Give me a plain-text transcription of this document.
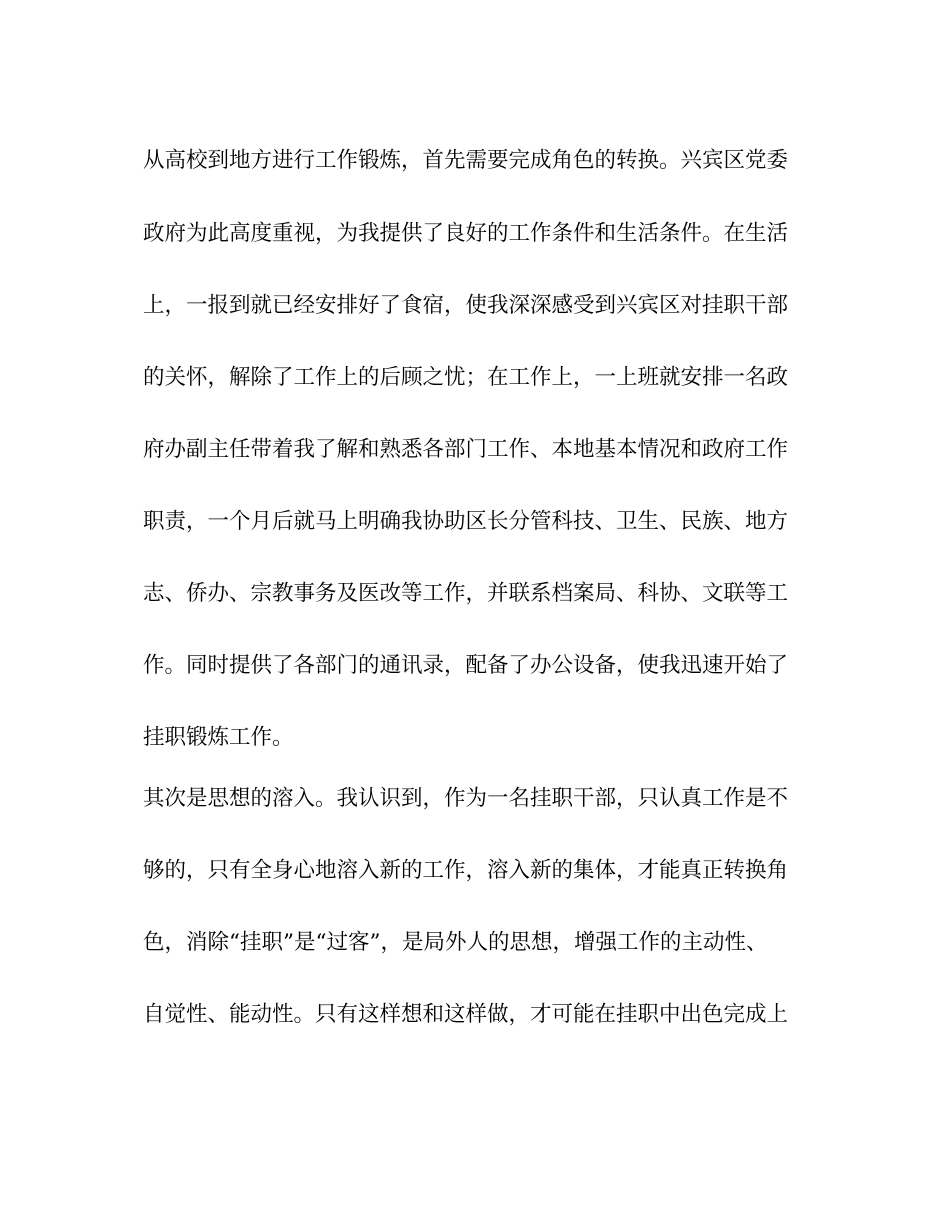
从高校到地方进行工作锻炼，首先需要完成角色的转换。兴宾区党委
政府为此高度重视，为我提供了良好的工作条件和生活条件。在生活
上，一报到就已经安排好了食宿，使我深深感受到兴宾区对挂职干部
的关怀，解除了工作上的后顾之忧；在工作上，一上班就安排一名政
府办副主任带着我了解和熟悉各部门工作、本地基本情况和政府工作
职责，一个月后就马上明确我协助区长分管科技、卫生、民族、地方
志、侨办、宗教事务及医改等工作，并联系档案局、科协、文联等工
作。同时提供了各部门的通讯录，配备了办公设备，使我迅速开始了
挂职锻炼工作。
其次是思想的溶入。我认识到，作为一名挂职干部，只认真工作是不
够的，只有全身心地溶入新的工作，溶入新的集体，才能真正转换角
色，消除“挂职”是“过客”，是局外人的思想，增强工作的主动性、
自觉性、能动性。只有这样想和这样做，才可能在挂职中出色完成上
